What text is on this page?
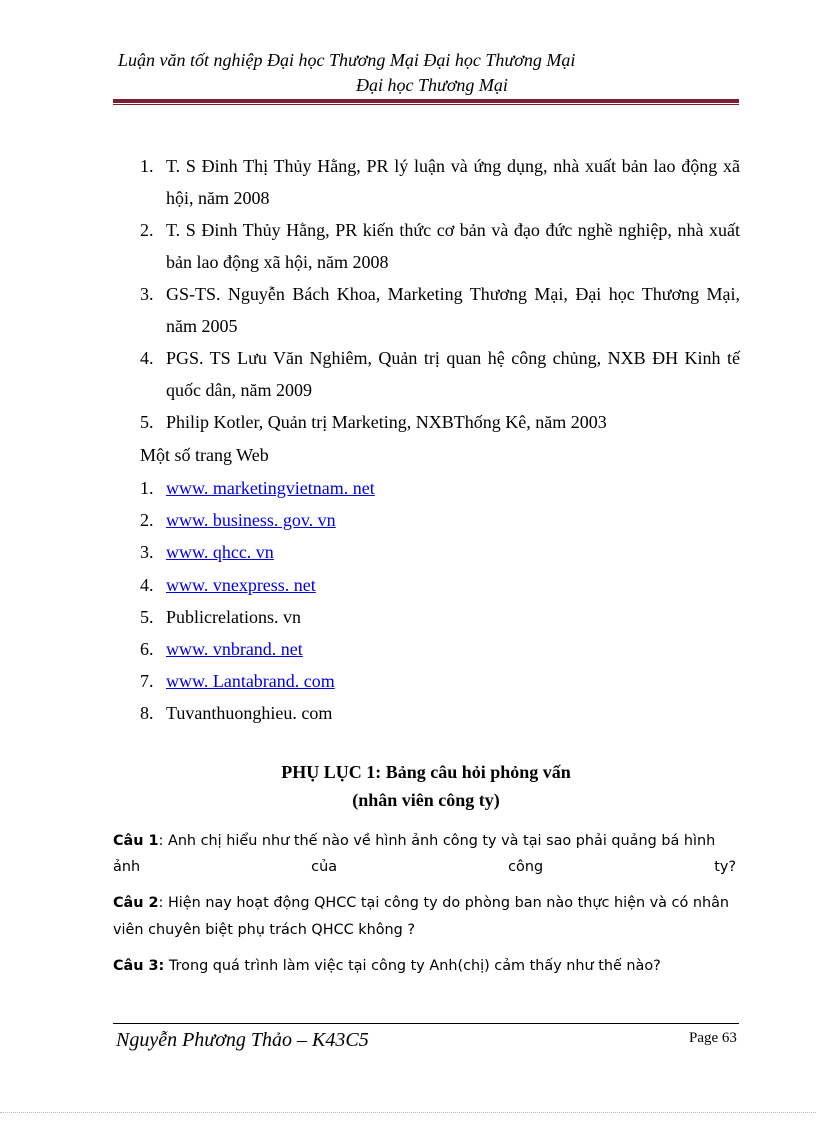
Luận văn tốt nghiệp Đại học Thương Mại Đại học Thương Mại
Đại học Thương Mại
1. T. S Đinh Thị Thủy Hằng, PR lý luận và ứng dụng, nhà xuất bản lao động xã hội, năm 2008
2. T. S Đinh Thủy Hằng, PR kiến thức cơ bản và đạo đức nghề nghiệp, nhà xuất bản lao động xã hội, năm 2008
3. GS-TS. Nguyễn Bách Khoa, Marketing Thương Mại, Đại học Thương Mại, năm 2005
4. PGS. TS Lưu Văn Nghiêm, Quản trị quan hệ công chủng, NXB ĐH Kinh tế quốc dân, năm 2009
5. Philip Kotler, Quản trị Marketing, NXBThống Kê, năm 2003
Một số trang Web
1. www. marketingvietnam. net
2. www. business. gov. vn
3. www. qhcc. vn
4. www. vnexpress. net
5. Publicrelations. vn
6. www. vnbrand. net
7. www. Lantabrand. com
8. Tuvanthuonghieu. com
PHỤ LỤC 1: Bảng câu hỏi phỏng vấn
(nhân viên công ty)
Câu 1: Anh chị hiểu như thế nào về hình ảnh công ty và tại sao phải quảng bá hình
ảnh	của	công	ty?
Câu 2: Hiện nay hoạt động QHCC tại công ty do phòng ban nào thực hiện và có nhân viên chuyên biệt phụ trách QHCC không ?
Câu 3: Trong quá trình làm việc tại công ty Anh(chị) cảm thấy như thế nào?
Nguyễn Phương Thảo – K43C5	Page 63
